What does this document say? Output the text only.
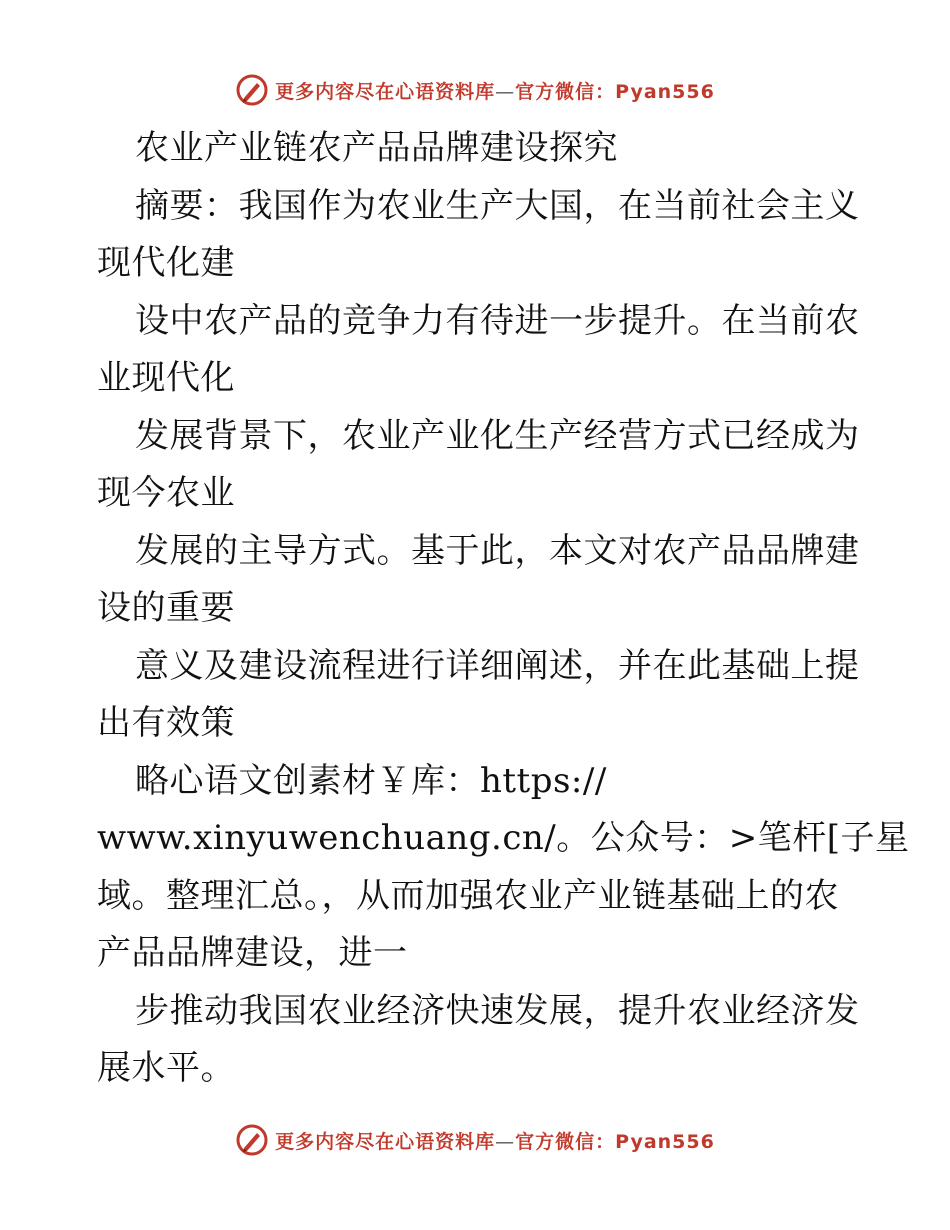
更多内容尽在心语资料库—官方微信：Pyan556
农业产业链农产品品牌建设探究
摘要：我国作为农业生产大国，在当前社会主义
现代化建
设中农产品的竞争力有待进一步提升。在当前农
业现代化
发展背景下，农业产业化生产经营方式已经成为
现今农业
发展的主导方式。基于此，本文对农产品品牌建
设的重要
意义及建设流程进行详细阐述，并在此基础上提
出有效策
略心语文创素材￥库：https://
www.xinyuwenchuang.cn/。公众号：>笔杆[子星
域。整理汇总。，从而加强农业产业链基础上的农
产品品牌建设，进一
步推动我国农业经济快速发展，提升农业经济发
展水平。
更多内容尽在心语资料库—官方微信：Pyan556
